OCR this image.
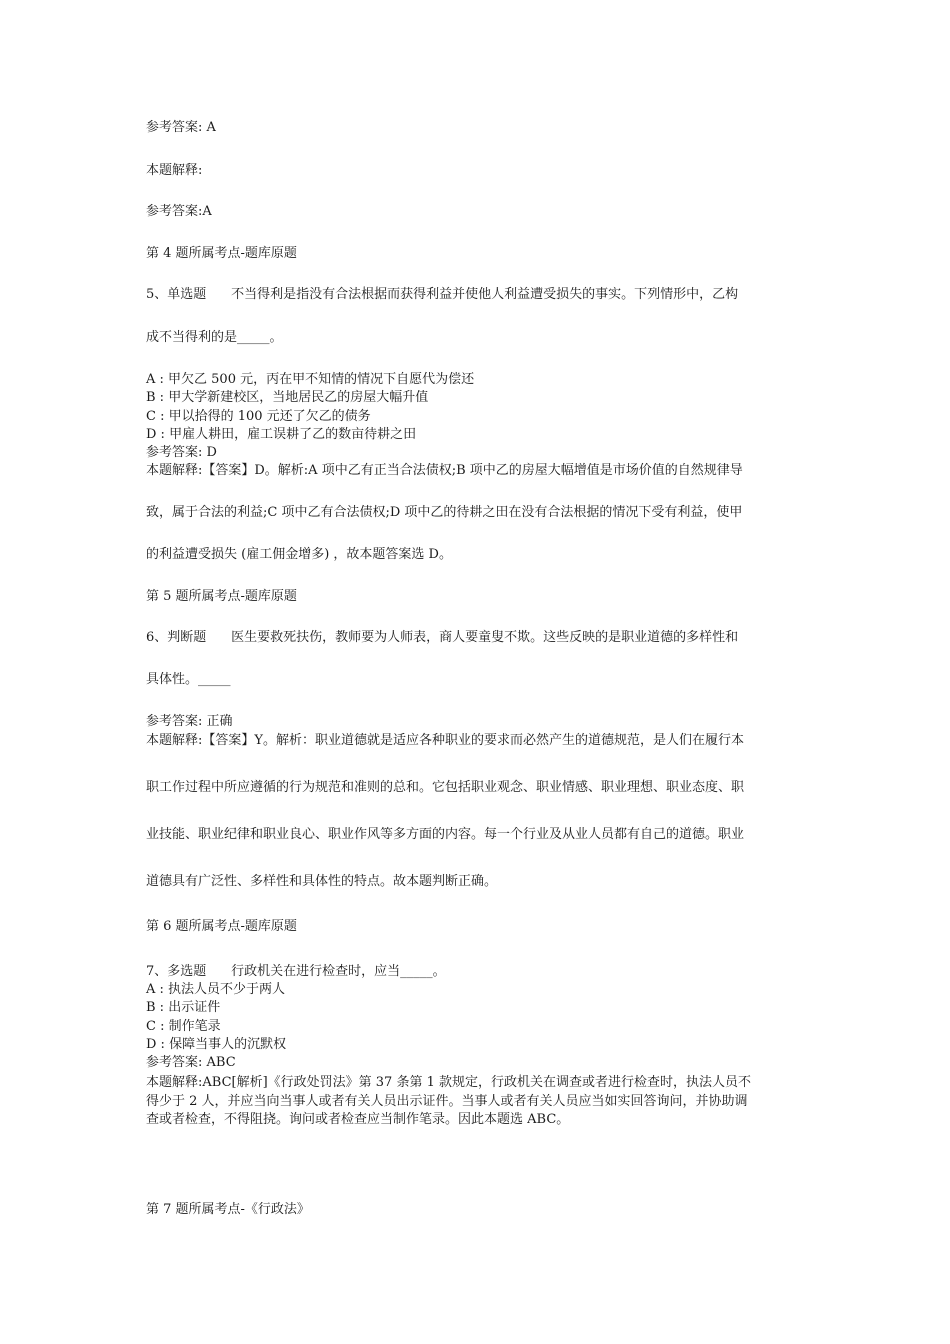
参考答案: A
本题解释:
参考答案:A
第 4 题所属考点-题库原题
5、单选题      不当得利是指没有合法根据而获得利益并使他人利益遭受损失的事实。下列情形中，乙构
成不当得利的是_____。
A : 甲欠乙 500 元，丙在甲不知情的情况下自愿代为偿还
B : 甲大学新建校区，当地居民乙的房屋大幅升值
C : 甲以拾得的 100 元还了欠乙的债务
D : 甲雇人耕田，雇工误耕了乙的数亩待耕之田
参考答案: D
本题解释:【答案】D。解析:A 项中乙有正当合法债权;B 项中乙的房屋大幅增值是市场价值的自然规律导
致，属于合法的利益;C 项中乙有合法债权;D 项中乙的待耕之田在没有合法根据的情况下受有利益，使甲
的利益遭受损失 (雇工佣金增多) ，故本题答案选 D。
第 5 题所属考点-题库原题
6、判断题      医生要救死扶伤，教师要为人师表，商人要童叟不欺。这些反映的是职业道德的多样性和
具体性。_____
参考答案: 正确
本题解释:【答案】Y。解析：职业道德就是适应各种职业的要求而必然产生的道德规范，是人们在履行本
职工作过程中所应遵循的行为规范和准则的总和。它包括职业观念、职业情感、职业理想、职业态度、职
业技能、职业纪律和职业良心、职业作风等多方面的内容。每一个行业及从业人员都有自己的道德。职业
道德具有广泛性、多样性和具体性的特点。故本题判断正确。
第 6 题所属考点-题库原题
7、多选题      行政机关在进行检查时，应当_____。
A : 执法人员不少于两人
B : 出示证件
C : 制作笔录
D : 保障当事人的沉默权
参考答案: ABC
本题解释:ABC[解析]《行政处罚法》第 37 条第 1 款规定，行政机关在调查或者进行检查时，执法人员不
得少于 2 人，并应当向当事人或者有关人员出示证件。当事人或者有关人员应当如实回答询问，并协助调
查或者检查，不得阻挠。询问或者检查应当制作笔录。因此本题选 ABC。
第 7 题所属考点-《行政法》
